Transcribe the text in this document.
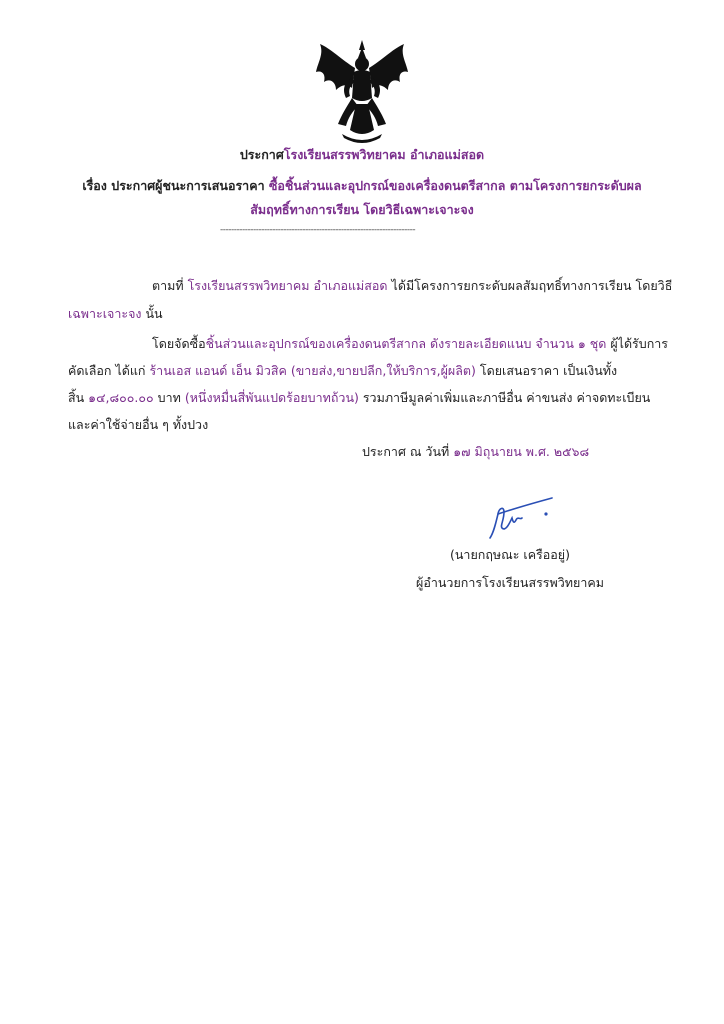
ประกาศโรงเรียนสรรพวิทยาคม อำเภอแม่สอด
เรื่อง ประกาศผู้ชนะการเสนอราคา ซื้อชิ้นส่วนและอุปกรณ์ของเครื่องดนตรีสากล ตามโครงการยกระดับผล
สัมฤทธิ์ทางการเรียน โดยวิธีเฉพาะเจาะจง
-----------------------------------------------------------------------
ตามที่ โรงเรียนสรรพวิทยาคม อำเภอแม่สอด ได้มีโครงการยกระดับผลสัมฤทธิ์ทางการเรียน โดยวิธี
เฉพาะเจาะจง นั้น
โดยจัดซื้อชิ้นส่วนและอุปกรณ์ของเครื่องดนตรีสากล ดังรายละเอียดแนบ จำนวน ๑ ชุด ผู้ได้รับการ
คัดเลือก ได้แก่ ร้านเอส แอนด์ เอ็น มิวสิค (ขายส่ง,ขายปลีก,ให้บริการ,ผู้ผลิต) โดยเสนอราคา เป็นเงินทั้ง
สิ้น ๑๔,๘๐๐.๐๐ บาท (หนึ่งหมื่นสี่พันแปดร้อยบาทถ้วน) รวมภาษีมูลค่าเพิ่มและภาษีอื่น ค่าขนส่ง ค่าจดทะเบียน
และค่าใช้จ่ายอื่น ๆ ทั้งปวง
ประกาศ ณ วันที่ ๑๗ มิถุนายน พ.ศ. ๒๕๖๘
(นายกฤษณะ เครืออยู่)
ผู้อำนวยการโรงเรียนสรรพวิทยาคม
